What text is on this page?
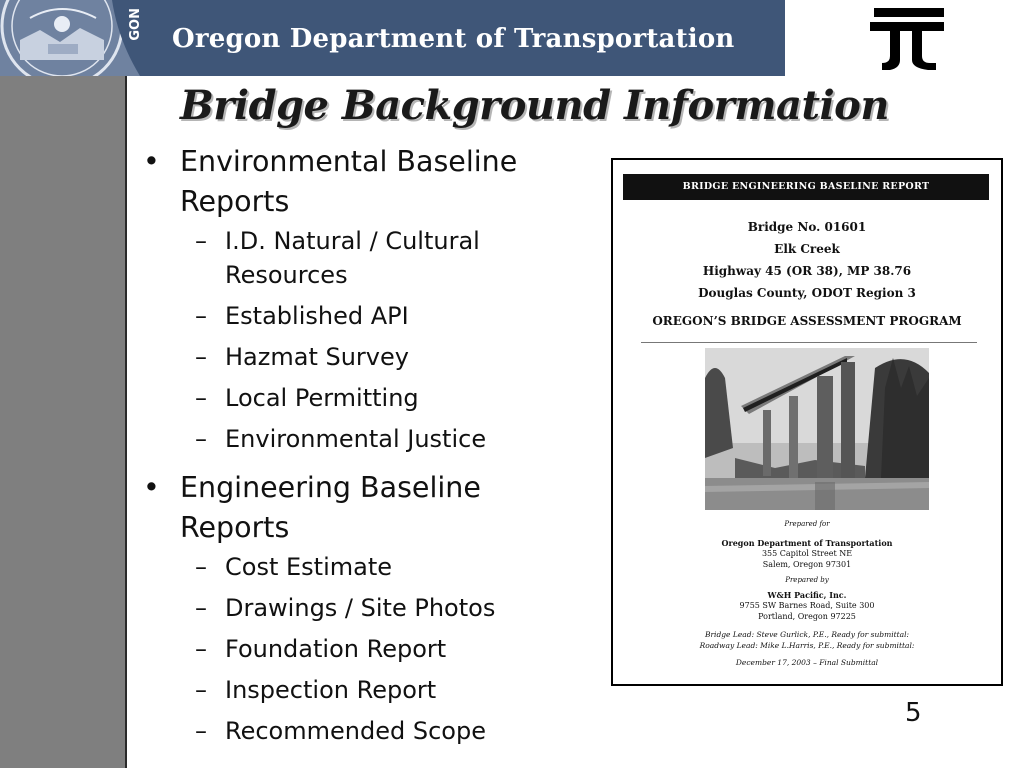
GON Oregon Department of Transportation
Bridge Background Information
• Environmental Baseline Reports
– I.D. Natural / Cultural Resources
– Established API
– Hazmat Survey
– Local Permitting
– Environmental Justice
• Engineering Baseline Reports
– Cost Estimate
– Drawings / Site Photos
– Foundation Report
– Inspection Report
– Recommended Scope
BRIDGE ENGINEERING BASELINE REPORT
Bridge No. 01601
Elk Creek
Highway 45 (OR 38), MP 38.76
Douglas County, ODOT Region 3
OREGON’S BRIDGE ASSESSMENT PROGRAM
Prepared for
Oregon Department of Transportation
355 Capitol Street NE
Salem, Oregon 97301
Prepared by
W&H Pacific, Inc.
9755 SW Barnes Road, Suite 300
Portland, Oregon 97225
Bridge Lead: Steve Gurlick, P.E., Ready for submittal:
Roadway Lead: Mike L.Harris, P.E., Ready for submittal:
December 17, 2003 – Final Submittal
5
